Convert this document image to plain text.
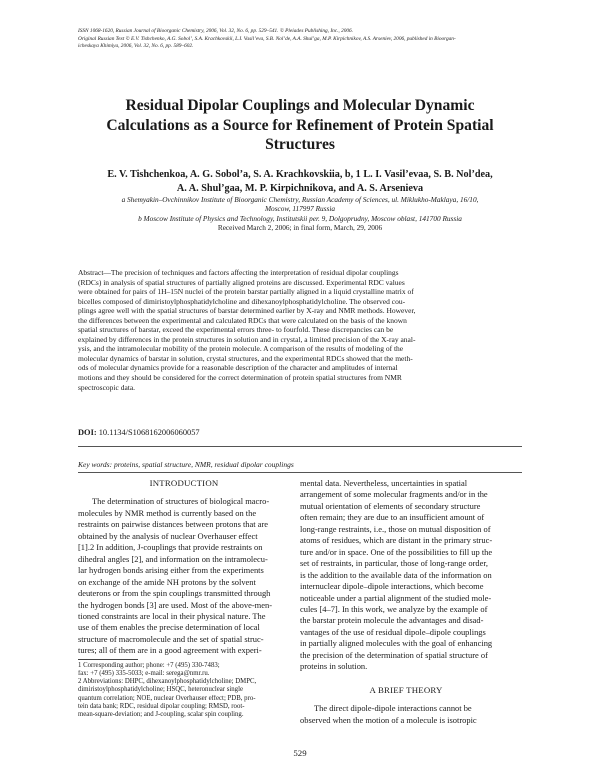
ISSN 1068-1620, Russian Journal of Bioorganic Chemistry, 2006, Vol. 32, No. 6, pp. 529–541. © Pleiades Publishing, Inc., 2006.
Original Russian Text © E.V. Tishchenko, A.G. Sobol’, S.A. Krachkovskii, L.I. Vasil’eva, S.B. Nol’de, A.A. Shul’ga, M.P. Kirpichnikov, A.S. Arseniev, 2006, published in Bioorgan-
icheskaya Khimiya, 2006, Vol. 32, No. 6, pp. 589–602.
Residual Dipolar Couplings and Molecular Dynamic
Calculations as a Source for Refinement of Protein Spatial
Structures
E. V. Tishchenkoa, A. G. Sobol’a, S. A. Krachkovskiia, b, 1 L. I. Vasil’evaa, S. B. Nol’dea,
A. A. Shul’gaa, M. P. Kirpichnikova, and A. S. Arsenieva
a Shemyakin–Ovchinnikov Institute of Bioorganic Chemistry, Russian Academy of Sciences, ul. Miklukho-Maklaya, 16/10,
Moscow, 117997 Russia
b Moscow Institute of Physics and Technology, Institutskii per. 9, Dolgoprudny, Moscow oblast, 141700 Russia
Received March 2, 2006; in final form, March, 29, 2006
Abstract—The precision of techniques and factors affecting the interpretation of residual dipolar couplings
(RDCs) in analysis of spatial structures of partially aligned proteins are discussed. Experimental RDC values
were obtained for pairs of 1H–15N nuclei of the protein barstar partially aligned in a liquid crystalline matrix of
bicelles composed of dimiristoylphosphatidylcholine and dihexanoylphosphatidylcholine. The observed cou-
plings agree well with the spatial structures of barstar determined earlier by X-ray and NMR methods. However,
the differences between the experimental and calculated RDCs that were calculated on the basis of the known
spatial structures of barstar, exceed the experimental errors three- to fourfold. These discrepancies can be
explained by differences in the protein structures in solution and in crystal, a limited precision of the X-ray anal-
ysis, and the intramolecular mobility of the protein molecule. A comparison of the results of modeling of the
molecular dynamics of barstar in solution, crystal structures, and the experimental RDCs showed that the meth-
ods of molecular dynamics provide for a reasonable description of the character and amplitudes of internal
motions and they should be considered for the correct determination of protein spatial structures from NMR
spectroscopic data.
DOI: 10.1134/S1068162006060057
Key words: proteins, spatial structure, NMR, residual dipolar couplings
INTRODUCTION
The determination of structures of biological macro-
molecules by NMR method is currently based on the
restraints on pairwise distances between protons that are
obtained by the analysis of nuclear Overhauser effect
[1].2 In addition, J-couplings that provide restraints on
dihedral angles [2], and information on the intramolecu-
lar hydrogen bonds arising either from the experiments
on exchange of the amide NH protons by the solvent
deuterons or from the spin couplings transmitted through
the hydrogen bonds [3] are used. Most of the above-men-
tioned constraints are local in their physical nature. The
use of them enables the precise determination of local
structure of macromolecule and the set of spatial struc-
tures; all of them are in a good agreement with experi-
1 Corresponding author; phone: +7 (495) 330-7483;
fax: +7 (495) 335-5033; e-mail: serega@nmr.ru.
2 Abbreviations: DHPC, dihexanoylphosphatidylcholine; DMPC,
dimiristoylphosphatidylcholine; HSQC, heteronuclear single
quantum correlation; NOE, nuclear Overhauser effect; PDB, pro-
tein data bank; RDC, residual dipolar coupling; RMSD, root-
mean-square-deviation; and J-coupling, scalar spin coupling.
mental data. Nevertheless, uncertainties in spatial
arrangement of some molecular fragments and/or in the
mutual orientation of elements of secondary structure
often remain; they are due to an insufficient amount of
long-range restraints, i.e., those on mutual disposition of
atoms of residues, which are distant in the primary struc-
ture and/or in space. One of the possibilities to fill up the
set of restraints, in particular, those of long-range order,
is the addition to the available data of the information on
internuclear dipole–dipole interactions, which become
noticeable under a partial alignment of the studied mole-
cules [4–7]. In this work, we analyze by the example of
the barstar protein molecule the advantages and disad-
vantages of the use of residual dipole–dipole couplings
in partially aligned molecules with the goal of enhancing
the precision of the determination of spatial structure of
proteins in solution.
A BRIEF THEORY
The direct dipole-dipole interactions cannot be
observed when the motion of a molecule is isotropic
529
